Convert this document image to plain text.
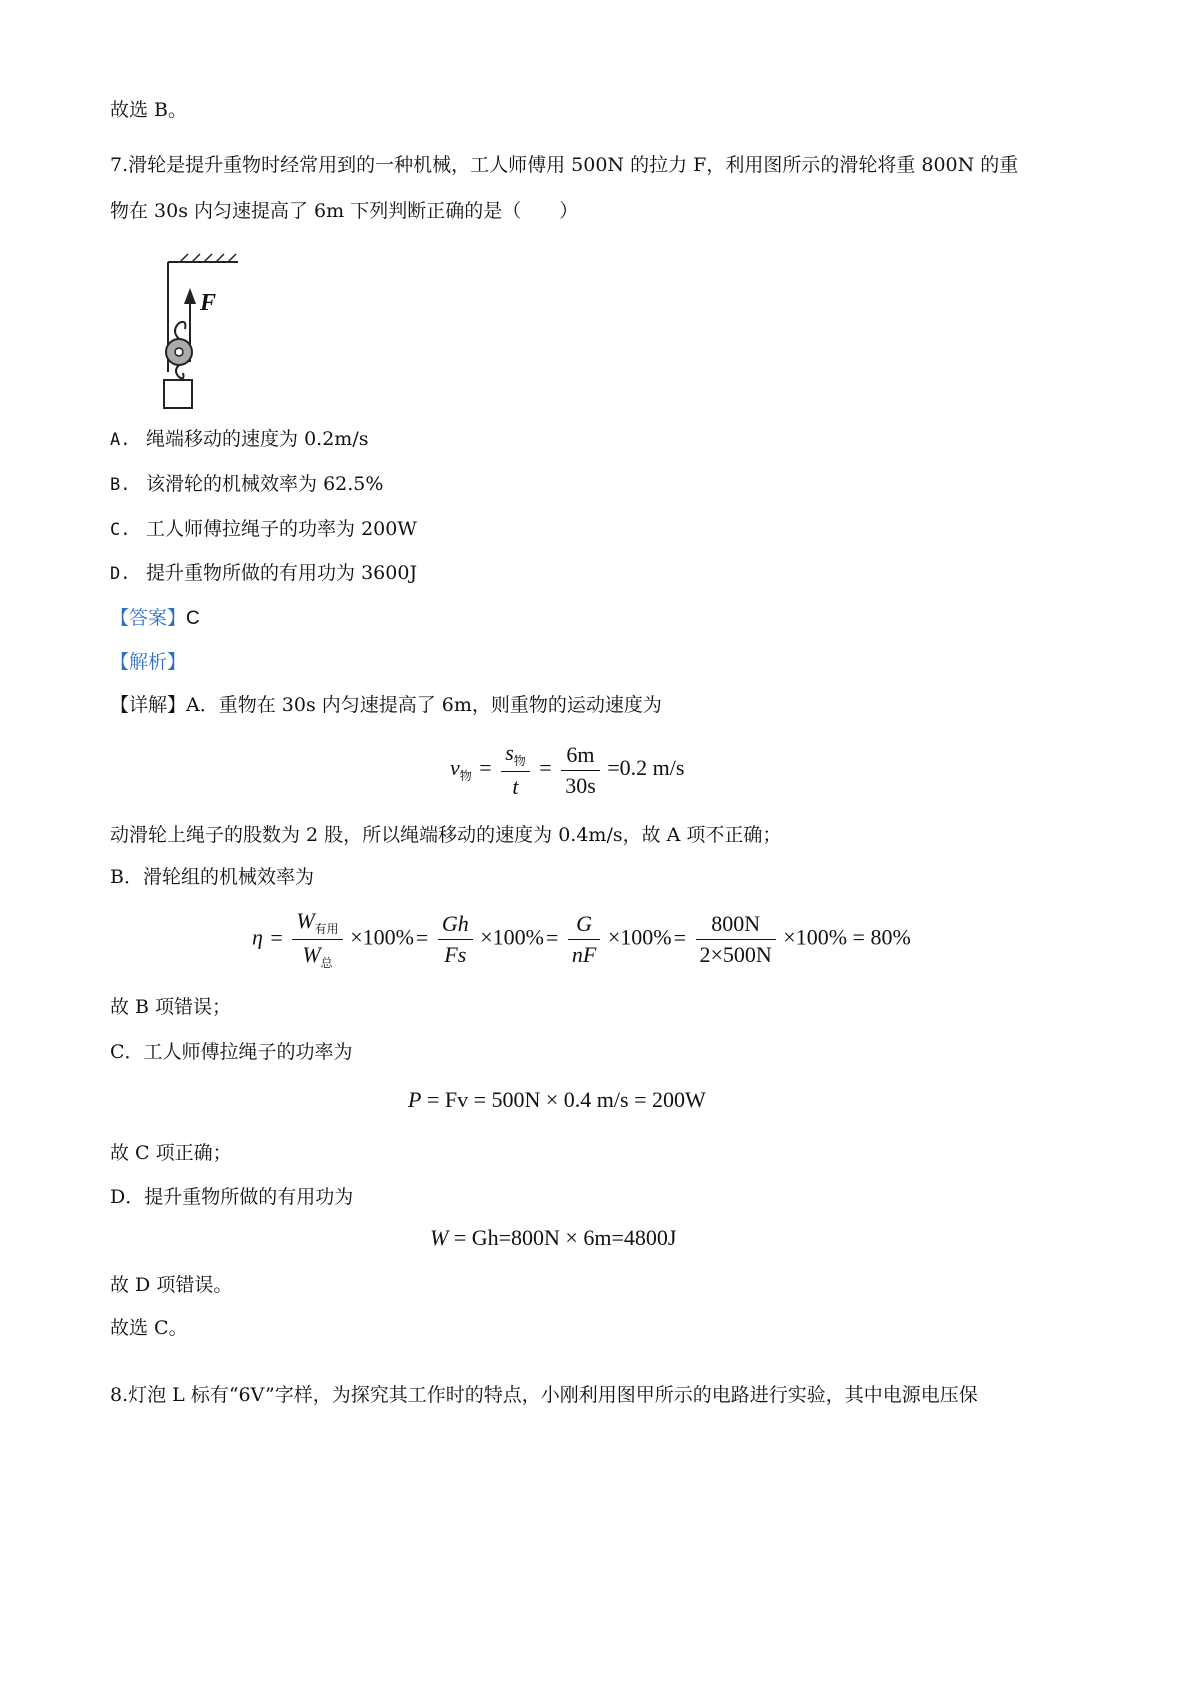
故选 B。
7.滑轮是提升重物时经常用到的一种机械，工人师傅用 500N 的拉力 F，利用图所示的滑轮将重 800N 的重
物在 30s 内匀速提高了 6m 下列判断正确的是（　　）
F
A. 绳端移动的速度为 0.2m/s
B. 该滑轮的机械效率为 62.5%
C. 工人师傅拉绳子的功率为 200W
D. 提升重物所做的有用功为 3600J
【答案】C
【解析】
【详解】A．重物在 30s 内匀速提高了 6m，则重物的运动速度为
$v_物 = \frac{s_物}{t} = \frac{6m}{30s} =0.2$ m/s
动滑轮上绳子的股数为 2 股，所以绳端移动的速度为 0.4m/s，故 A 项不正确；
B．滑轮组的机械效率为
$\eta = \frac{W_{有用}}{W_总} \times 100\%= \frac{Gh}{Fs} \times 100\%= \frac{G}{nF} \times 100\%= \frac{800N}{2\times 500N} \times 100\% = 80\%$
故 B 项错误；
C．工人师傅拉绳子的功率为
P = Fv = 500N × 0.4 m/s = 200W
故 C 项正确；
D．提升重物所做的有用功为
W = Gh=800N × 6m=4800J
故 D 项错误。
故选 C。
8.灯泡 L 标有“6V”字样，为探究其工作时的特点，小刚利用图甲所示的电路进行实验，其中电源电压保
